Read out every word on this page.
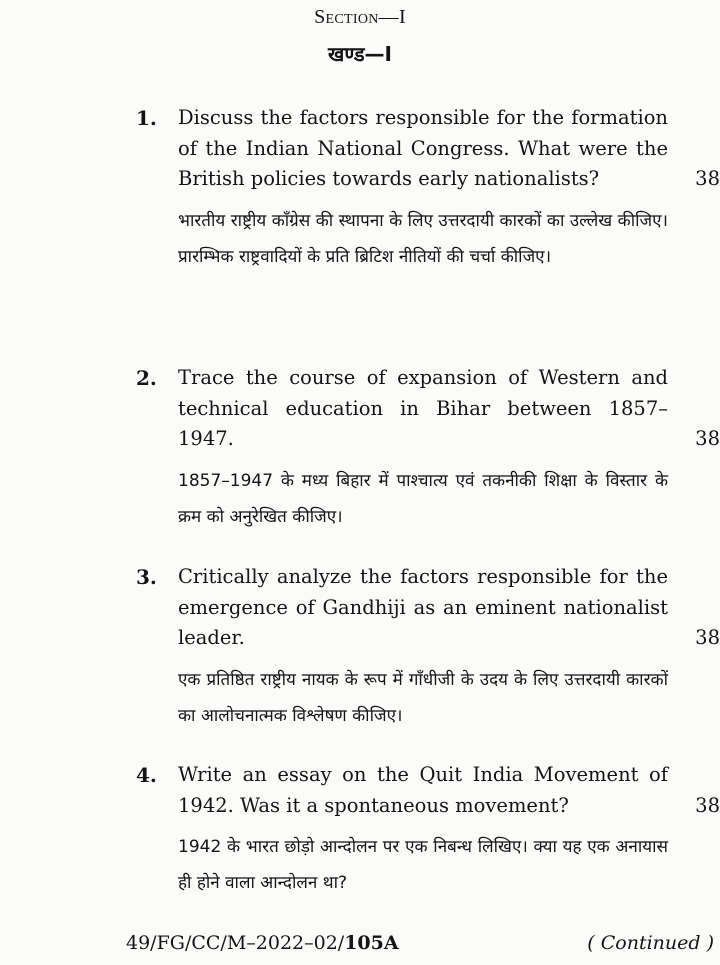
Section—I
खण्ड—I
1. Discuss the factors responsible for the formation of the Indian National Congress. What were the British policies towards early nationalists?	38

भारतीय राष्ट्रीय काँग्रेस की स्थापना के लिए उत्तरदायी कारकों का उल्लेख कीजिए। प्रारम्भिक राष्ट्रवादियों के प्रति ब्रिटिश नीतियों की चर्चा कीजिए।

2. Trace the course of expansion of Western and technical education in Bihar between 1857–1947.	38

1857–1947 के मध्य बिहार में पाश्चात्य एवं तकनीकी शिक्षा के विस्तार के क्रम को अनुरेखित कीजिए।

3. Critically analyze the factors responsible for the emergence of Gandhiji as an eminent nationalist leader.	38

एक प्रतिष्ठित राष्ट्रीय नायक के रूप में गाँधीजी के उदय के लिए उत्तरदायी कारकों का आलोचनात्मक विश्लेषण कीजिए।

4. Write an essay on the Quit India Movement of 1942. Was it a spontaneous movement?	38

1942 के भारत छोड़ो आन्दोलन पर एक निबन्ध लिखिए। क्या यह एक अनायास ही होने वाला आन्दोलन था?

49/FG/CC/M–2022–02/105A	( Continued )
